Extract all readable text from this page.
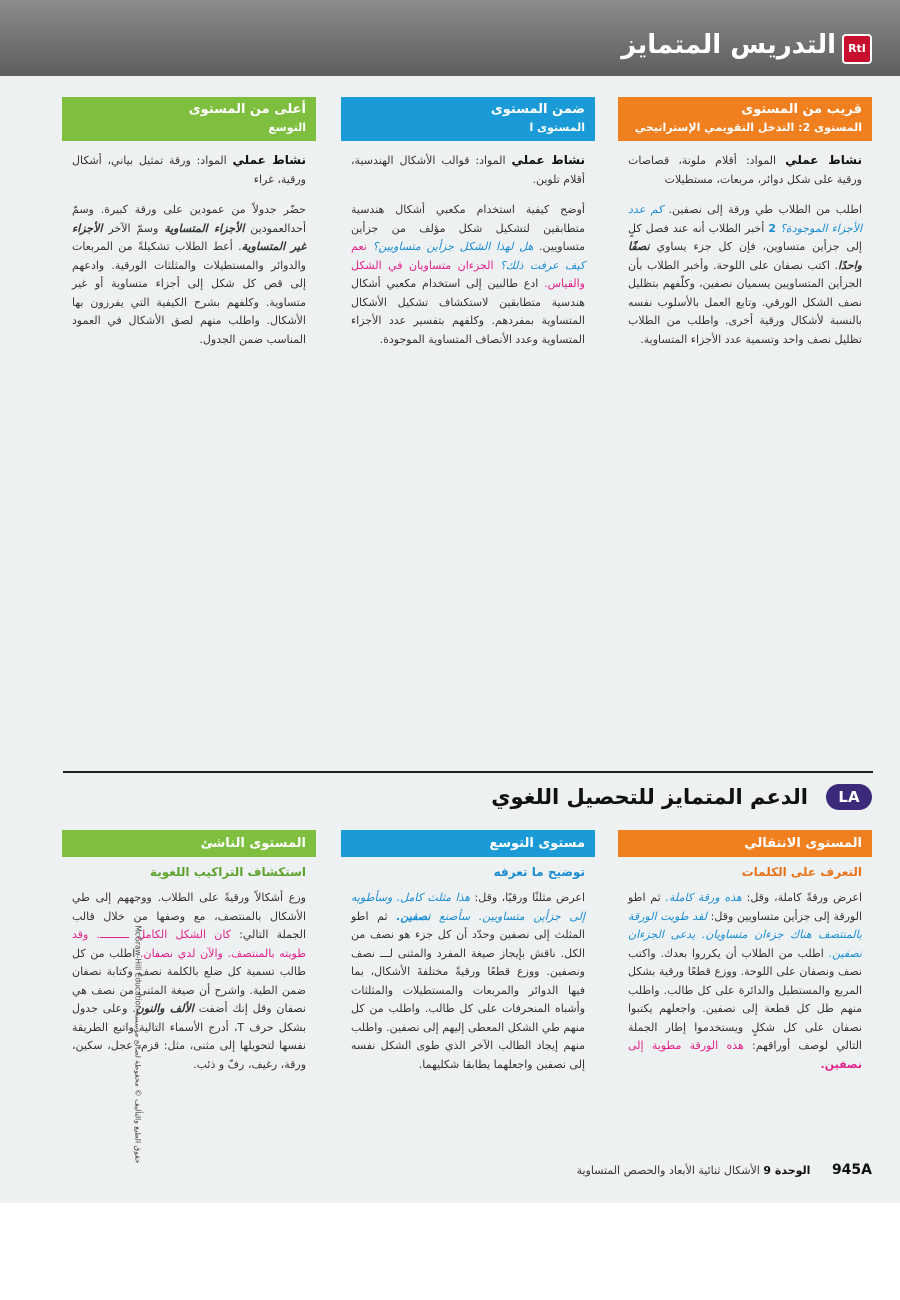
RtI
التدريس المتمايز
قريب من المستوى
المستوى 2: التدخل التقويمي الإستراتيجي

نشاط عملي المواد: أقلام ملونة، قصاصات ورقية على شكل دوائر، مربعات، مستطيلات

اطلب من الطلاب طي ورقة إلى نصفين. كم عدد الأجزاء الموجودة؟ 2 أخبر الطلاب أنه عند فصل كلٍ إلى جزأين متساوين، فإن كل جزء يساوي نصفًا واحدًا. اكتب نصفان على اللوحة. وأخبر الطلاب بأن الجزأين المتساويين يسميان نصفين، وكلّفهم بتظليل نصف الشكل الورقي. وتابع العمل بالأسلوب نفسه بالنسبة لأشكال ورقية أخرى. واطلب من الطلاب تظليل نصف واحد وتسمية عدد الأجزاء المتساوية.

ضمن المستوى
المستوى ا

نشاط عملي المواد: قوالب الأشكال الهندسية، أقلام تلوين.

أوضح كيفية استخدام مكعبي أشكال هندسية متطابقين لتشكيل شكل مؤلف من جزأين متساويين. هل لهذا الشكل جزأين متساويين؟ نعم كيف عرفت ذلك؟ الجزءان متساويان في الشكل والقياس. ادع طالبين إلى استخدام مكعبي أشكال هندسية متطابقين لاستكشاف تشكيل الأشكال المتساوية بمفردهم. وكلفهم بتفسير عدد الأجزاء المتساوية وعدد الأنصاف المتساوية الموجودة.

أعلى من المستوى
التوسع

نشاط عملي المواد: ورقة تمثيل بياني، أشكال ورقية، غراء

حضّر جدولاً من عمودين على ورقة كبيرة. وسمّ أحدالعمودين الأجزاء المتساوية وسمّ الآخر الأجزاء غير المتساوية. أعط الطلاب تشكيلةً من المربعات والدوائر والمستطيلات والمثلثات الورقية. وادعهم إلى قص كل شكل إلى أجزاء متساوية أو غير متساوية. وكلفهم بشرح الكيفية التي يفرزون بها الأشكال. واطلب منهم لصق الأشكال في العمود المناسب ضمن الجدول.

LA
الدعم المتمايز للتحصيل اللغوي
المستوى الانتقالي
التعرف على الكلمات

اعرض ورقةً كاملة، وقل: هذه ورقة كاملة. ثم اطو الورقة إلى جزأين متساويين وقل: لقد طويت الورقة بالمنتصف هناك جزءان متساويان. يدعى الجزءان نصفين. اطلب من الطلاب أن يكرروا بعدك. واكتب نصف ونصفان على اللوحة. ووزع قطعًا ورقية بشكل المربع والمستطيل والدائرة على كل طالب. واطلب منهم طل كل قطعة إلى نصفين. واجعلهم يكتبوا نصفان على كل شكلٍ ويستخدموا إطار الجملة التالي لوصف أوراقهم: هذه الورقة مطوية إلى نصفين.

مستوى التوسع
توضيح ما تعرفه

اعرض مثلثًا ورقيًا، وقل: هذا مثلث كامل. وسأطويه إلى جزأين متساويين. سأصنع نصفين. ثم اطو المثلث إلى نصفين وحدّد أن كل جزء هو نصف من الكل. ناقش بإيجاز صيغة المفرد والمثنى لـــ نصف ونصفين. ووزع قطعًا ورقيةً مختلفةَ الأشكال، بما فيها الدوائر والمربعات والمستطيلات والمثلثات وأشباه المنحرفات على كل طالب. واطلب من كل منهم طي الشكل المعطى إليهم إلى نصفين. واطلب منهم إيجاد الطالب الآخر الذي طوى الشكل نفسه إلى نصفين واجعلهما يطابقا شكليهما.

المستوى الناشئ
استكشاف التراكيب اللغوية

وزع أشكالاً ورقيةً على الطلاب. ووجههم إلى طي الأشكال بالمنتصف، مع وصفها من خلال قالب الجملة التالي: كان الشكل الكامل ـــــــــ. وقد طويته بالمنتصف. والآن لدي نصفان. اطلب من كل طالب تسمية كل ضلع بالكلمة نصف وكتابة نصفان ضمن الطية. واشرح أن صيغة المثنى من نصف هي نصفان وقل إنك أضفت الألف والنون. وعلى جدول بشكل حرف T، أدرج الأسماء التالية واتبع الطريقة نفسها لتحويلها إلى مثنى، مثل: قزم، عجل، سكين، ورقة، رغيف، رفّ و ذئب.

حقوق الطبع والتأليف © محفوظة لصالح مؤسسة McGraw-Hill Education
945A الوحدة 9 الأشكال ثنائية الأبعاد والحصص المتساوية
